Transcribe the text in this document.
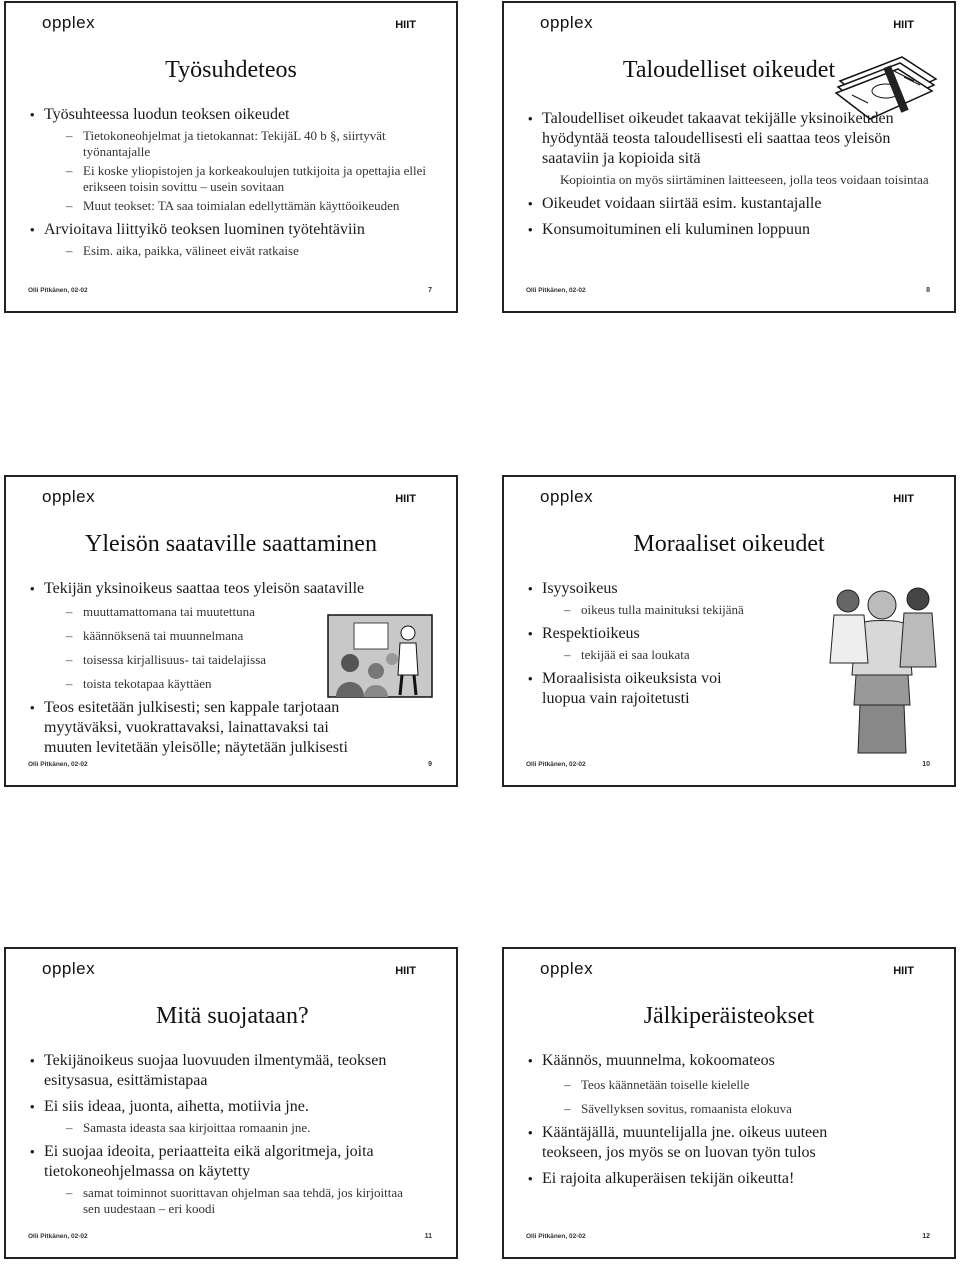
opplex	HIIT
Työsuhdeteos
• Työsuhteessa luodun teoksen oikeudet
– Tietokoneohjelmat ja tietokannat: TekijäL 40 b §, siirtyvät työnantajalle
– Ei koske yliopistojen ja korkeakoulujen tutkijoita ja opettajia ellei erikseen toisin sovittu – usein sovitaan
– Muut teokset: TA saa toimialan edellyttämän käyttöoikeuden
• Arvioitava liittyikö teoksen luominen työtehtäviin
– Esim. aika, paikka, välineet eivät ratkaise
Olli Pitkänen, 02-02	7
opplex	HIIT
Taloudelliset oikeudet
• Taloudelliset oikeudet takaavat tekijälle yksinoikeuden hyödyntää teosta taloudellisesti eli saattaa teos yleisön saataviin ja kopioida sitä
– Kopiointia on myös siirtäminen laitteeseen, jolla teos voidaan toisintaa
• Oikeudet voidaan siirtää esim. kustantajalle
• Konsumoituminen eli kuluminen loppuun
Olli Pitkänen, 02-02	8
opplex	HIIT
Yleisön saataville saattaminen
• Tekijän yksinoikeus saattaa teos yleisön saataville
– muuttamattomana tai muutettuna
– käännöksenä tai muunnelmana
– toisessa kirjallisuus- tai taidelajissa
– toista tekotapaa käyttäen
• Teos esitetään julkisesti; sen kappale tarjotaan myytäväksi, vuokrattavaksi, lainattavaksi tai muuten levitetään yleisölle; näytetään julkisesti
Olli Pitkänen, 02-02	9
opplex	HIIT
Moraaliset oikeudet
• Isyysoikeus
– oikeus tulla mainituksi tekijänä
• Respektioikeus
– tekijää ei saa loukata
• Moraalisista oikeuksista voi luopua vain rajoitetusti
Olli Pitkänen, 02-02	10
opplex	HIIT
Mitä suojataan?
• Tekijänoikeus suojaa luovuuden ilmentymää, teoksen esitysasua, esittämistapaa
• Ei siis ideaa, juonta, aihetta, motiivia jne.
– Samasta ideasta saa kirjoittaa romaanin jne.
• Ei suojaa ideoita, periaatteita eikä algoritmeja, joita tietokoneohjelmassa on käytetty
– samat toiminnot suorittavan ohjelman saa tehdä, jos kirjoittaa sen uudestaan – eri koodi
Olli Pitkänen, 02-02	11
opplex	HIIT
Jälkiperäisteokset
• Käännös, muunnelma, kokoomateos
– Teos käännetään toiselle kielelle
– Sävellyksen sovitus, romaanista elokuva
• Kääntäjällä, muuntelijalla jne. oikeus uuteen teokseen, jos myös se on luovan työn tulos
• Ei rajoita alkuperäisen tekijän oikeutta!
Olli Pitkänen, 02-02	12
